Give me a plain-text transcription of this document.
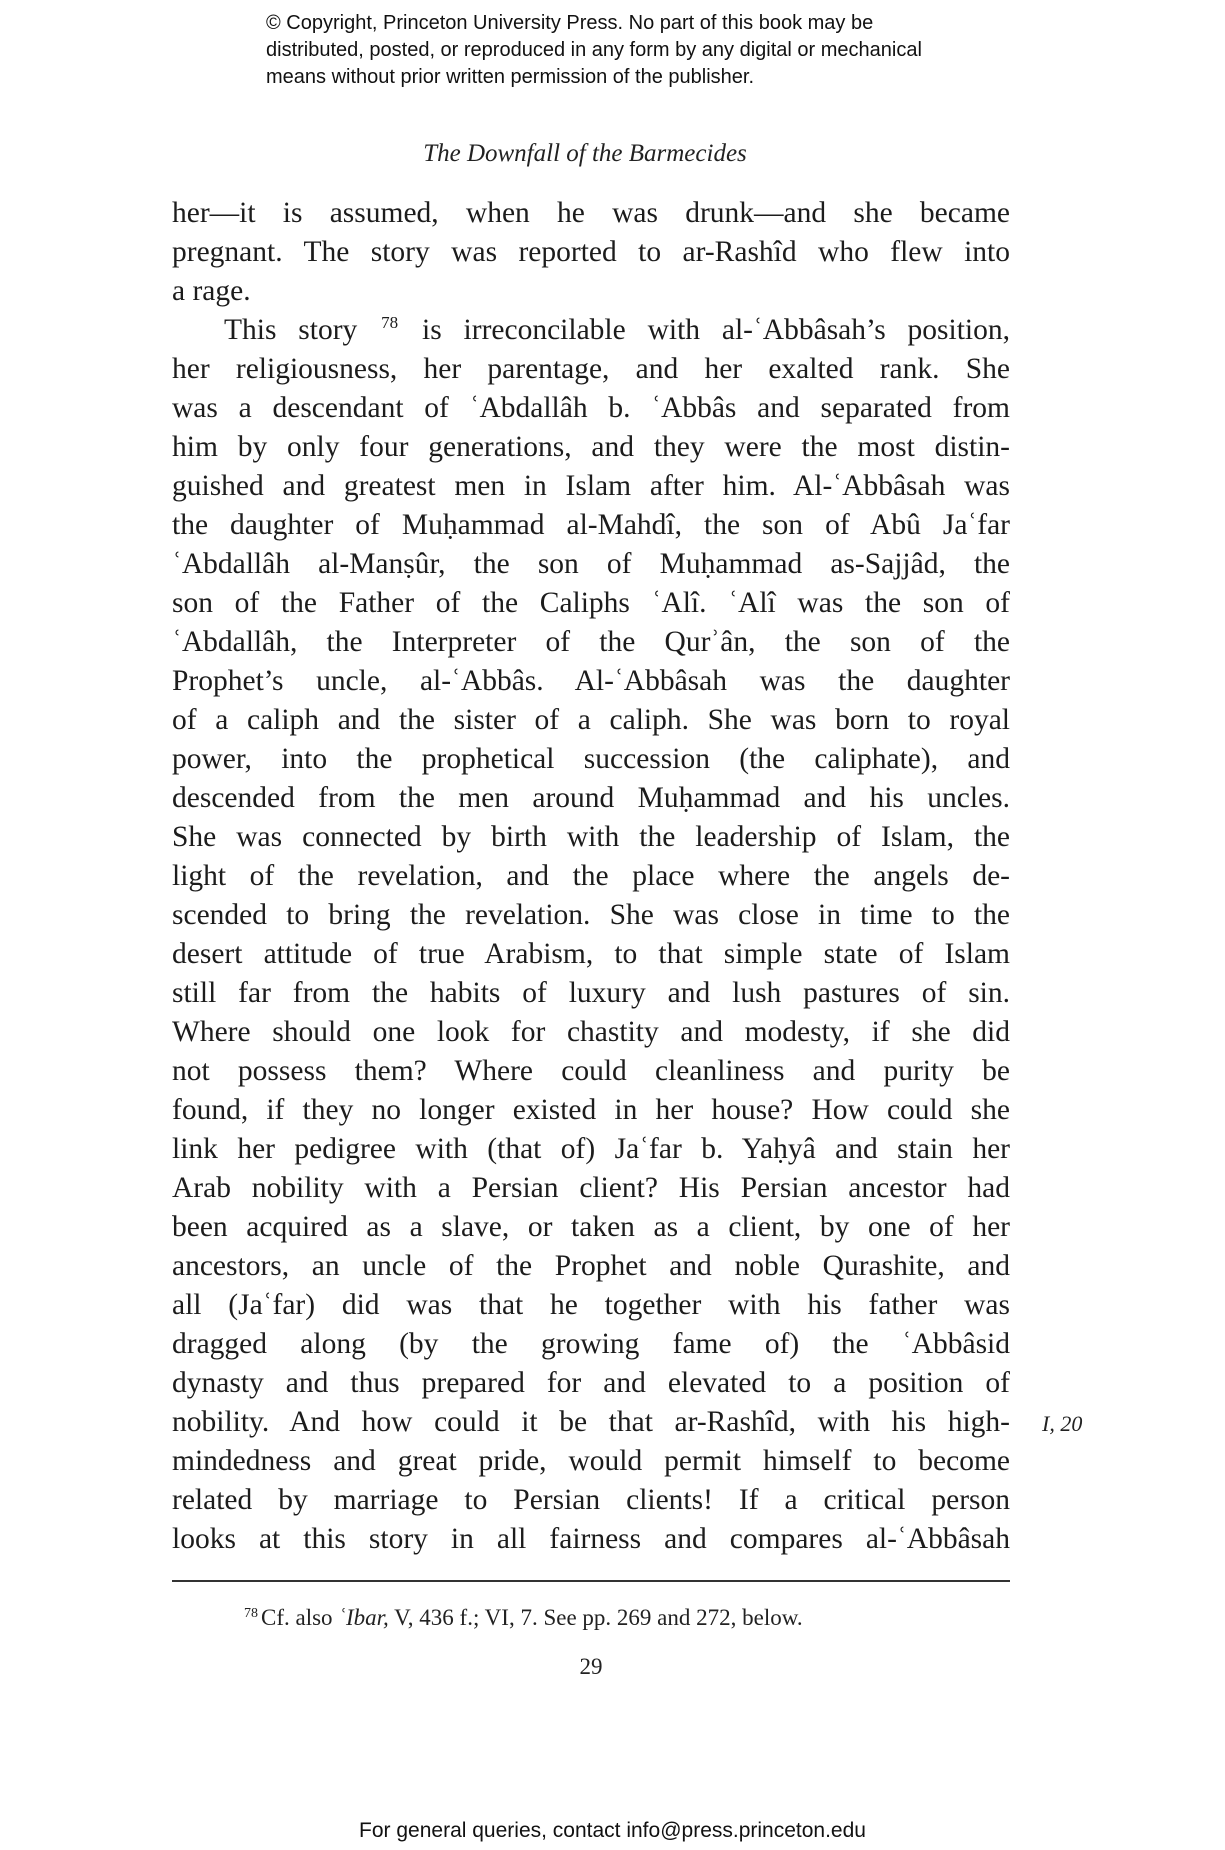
© Copyright, Princeton University Press. No part of this book may be
distributed, posted, or reproduced in any form by any digital or mechanical
means without prior written permission of the publisher.
The Downfall of the Barmecides
her—it is assumed, when he was drunk—and she became
pregnant. The story was reported to ar-Rashîd who flew into
a rage.
This story $^{78}$ is irreconcilable with al-ʿAbbâsah’s position,
her religiousness, her parentage, and her exalted rank. She
was a descendant of ʿAbdallâh b. ʿAbbâs and separated from
him by only four generations, and they were the most distin-
guished and greatest men in Islam after him. Al-ʿAbbâsah was
the daughter of Muḥammad al-Mahdî, the son of Abû Jaʿfar
ʿAbdallâh al-Manṣûr, the son of Muḥammad as-Sajjâd, the
son of the Father of the Caliphs ʿAlî. ʿAlî was the son of
ʿAbdallâh, the Interpreter of the Qurʾân, the son of the
Prophet’s uncle, al-ʿAbbâs. Al-ʿAbbâsah was the daughter
of a caliph and the sister of a caliph. She was born to royal
power, into the prophetical succession (the caliphate), and
descended from the men around Muḥammad and his uncles.
She was connected by birth with the leadership of Islam, the
light of the revelation, and the place where the angels de-
scended to bring the revelation. She was close in time to the
desert attitude of true Arabism, to that simple state of Islam
still far from the habits of luxury and lush pastures of sin.
Where should one look for chastity and modesty, if she did
not possess them? Where could cleanliness and purity be
found, if they no longer existed in her house? How could she
link her pedigree with (that of) Jaʿfar b. Yaḥyâ and stain her
Arab nobility with a Persian client? His Persian ancestor had
been acquired as a slave, or taken as a client, by one of her
ancestors, an uncle of the Prophet and noble Qurashite, and
all (Jaʿfar) did was that he together with his father was
dragged along (by the growing fame of) the ʿAbbâsid
dynasty and thus prepared for and elevated to a position of
nobility. And how could it be that ar-Rashîd, with his high-
mindedness and great pride, would permit himself to become
related by marriage to Persian clients! If a critical person
looks at this story in all fairness and compares al-ʿAbbâsah
I, 20
$^{78}$ Cf. also ʿIbar, V, 436 f.; VI, 7. See pp. 269 and 272, below.
29
For general queries, contact info@press.princeton.edu
